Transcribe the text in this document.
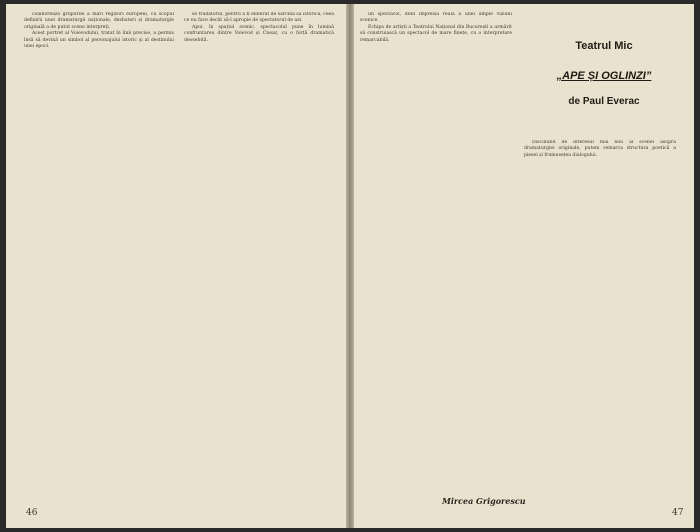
colaborează grupurile a mari regizori europeni, cu scopul definirii unei dramaturgii naționale, dezbateri și dramaturgie originală a de putut scene interpreți.

Acest portret al Voievodului, tratat în linii precise, a permis însă să devină un simbol al personajului istoric și al destinului unei epoci.

se trădătorul, pentru a fi eliberat de sarcina sa istorică, ceea ce nu face decât să-l apropie de spectatorul de azi.

Apoi, în spațiul scenic, spectacolul pune în lumină confruntarea dintre Voievod și Cneaz, cu o forță dramatică deosebită.

46

un spectacol, dind impresia reală a unei ample viziuni scenice.

Echipa de artiști a Teatrului Național din București a urmărit să construiască un spectacol de mare finețe, cu o interpretare remarcabilă.	Teatrul Mic
„APE ȘI OGLINZI”
de Paul Everac

Discutând de interesul mai nou al scenei asupra dramaturgiei originale, putem remarca structura poetică a piesei și frumusețea dialogului.

Mircea Grigorescu
47
